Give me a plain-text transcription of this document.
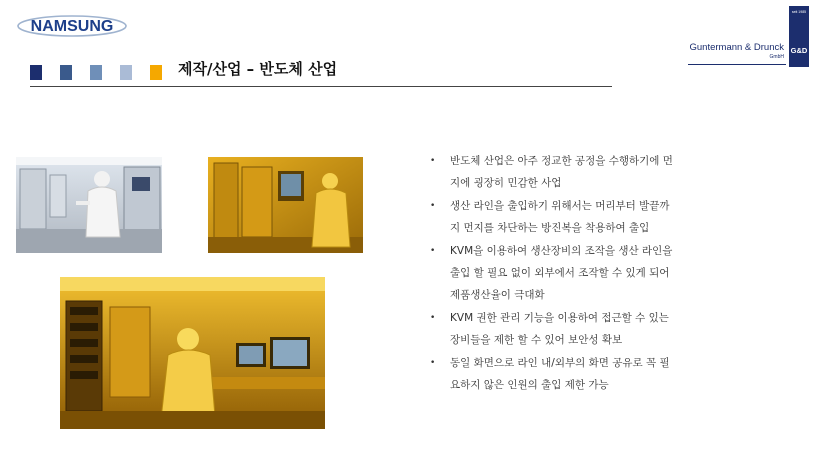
NAMSUNG
Guntermann & Drunck
GmbH
seit 1985
G&D
제작/산업 – 반도체 산업
• 반도체 산업은 아주 정교한 공정을 수행하기에 먼
지에 굉장히 민감한 사업
• 생산 라인을 출입하기 위해서는 머리부터 발끝까
지 먼지를 차단하는 방진복을 착용하여 출입
• KVM을 이용하여 생산장비의 조작을 생산 라인을
출입 할 필요 없이 외부에서 조작할 수 있게 되어
제품생산율이 극대화
• KVM 권한 관리 기능을 이용하여 접근할 수 있는
장비들을 제한 할 수 있어 보안성 확보
• 동일 화면으로 라인 내/외부의 화면 공유로 꼭 필
요하지 않은 인원의 출입 제한 가능
